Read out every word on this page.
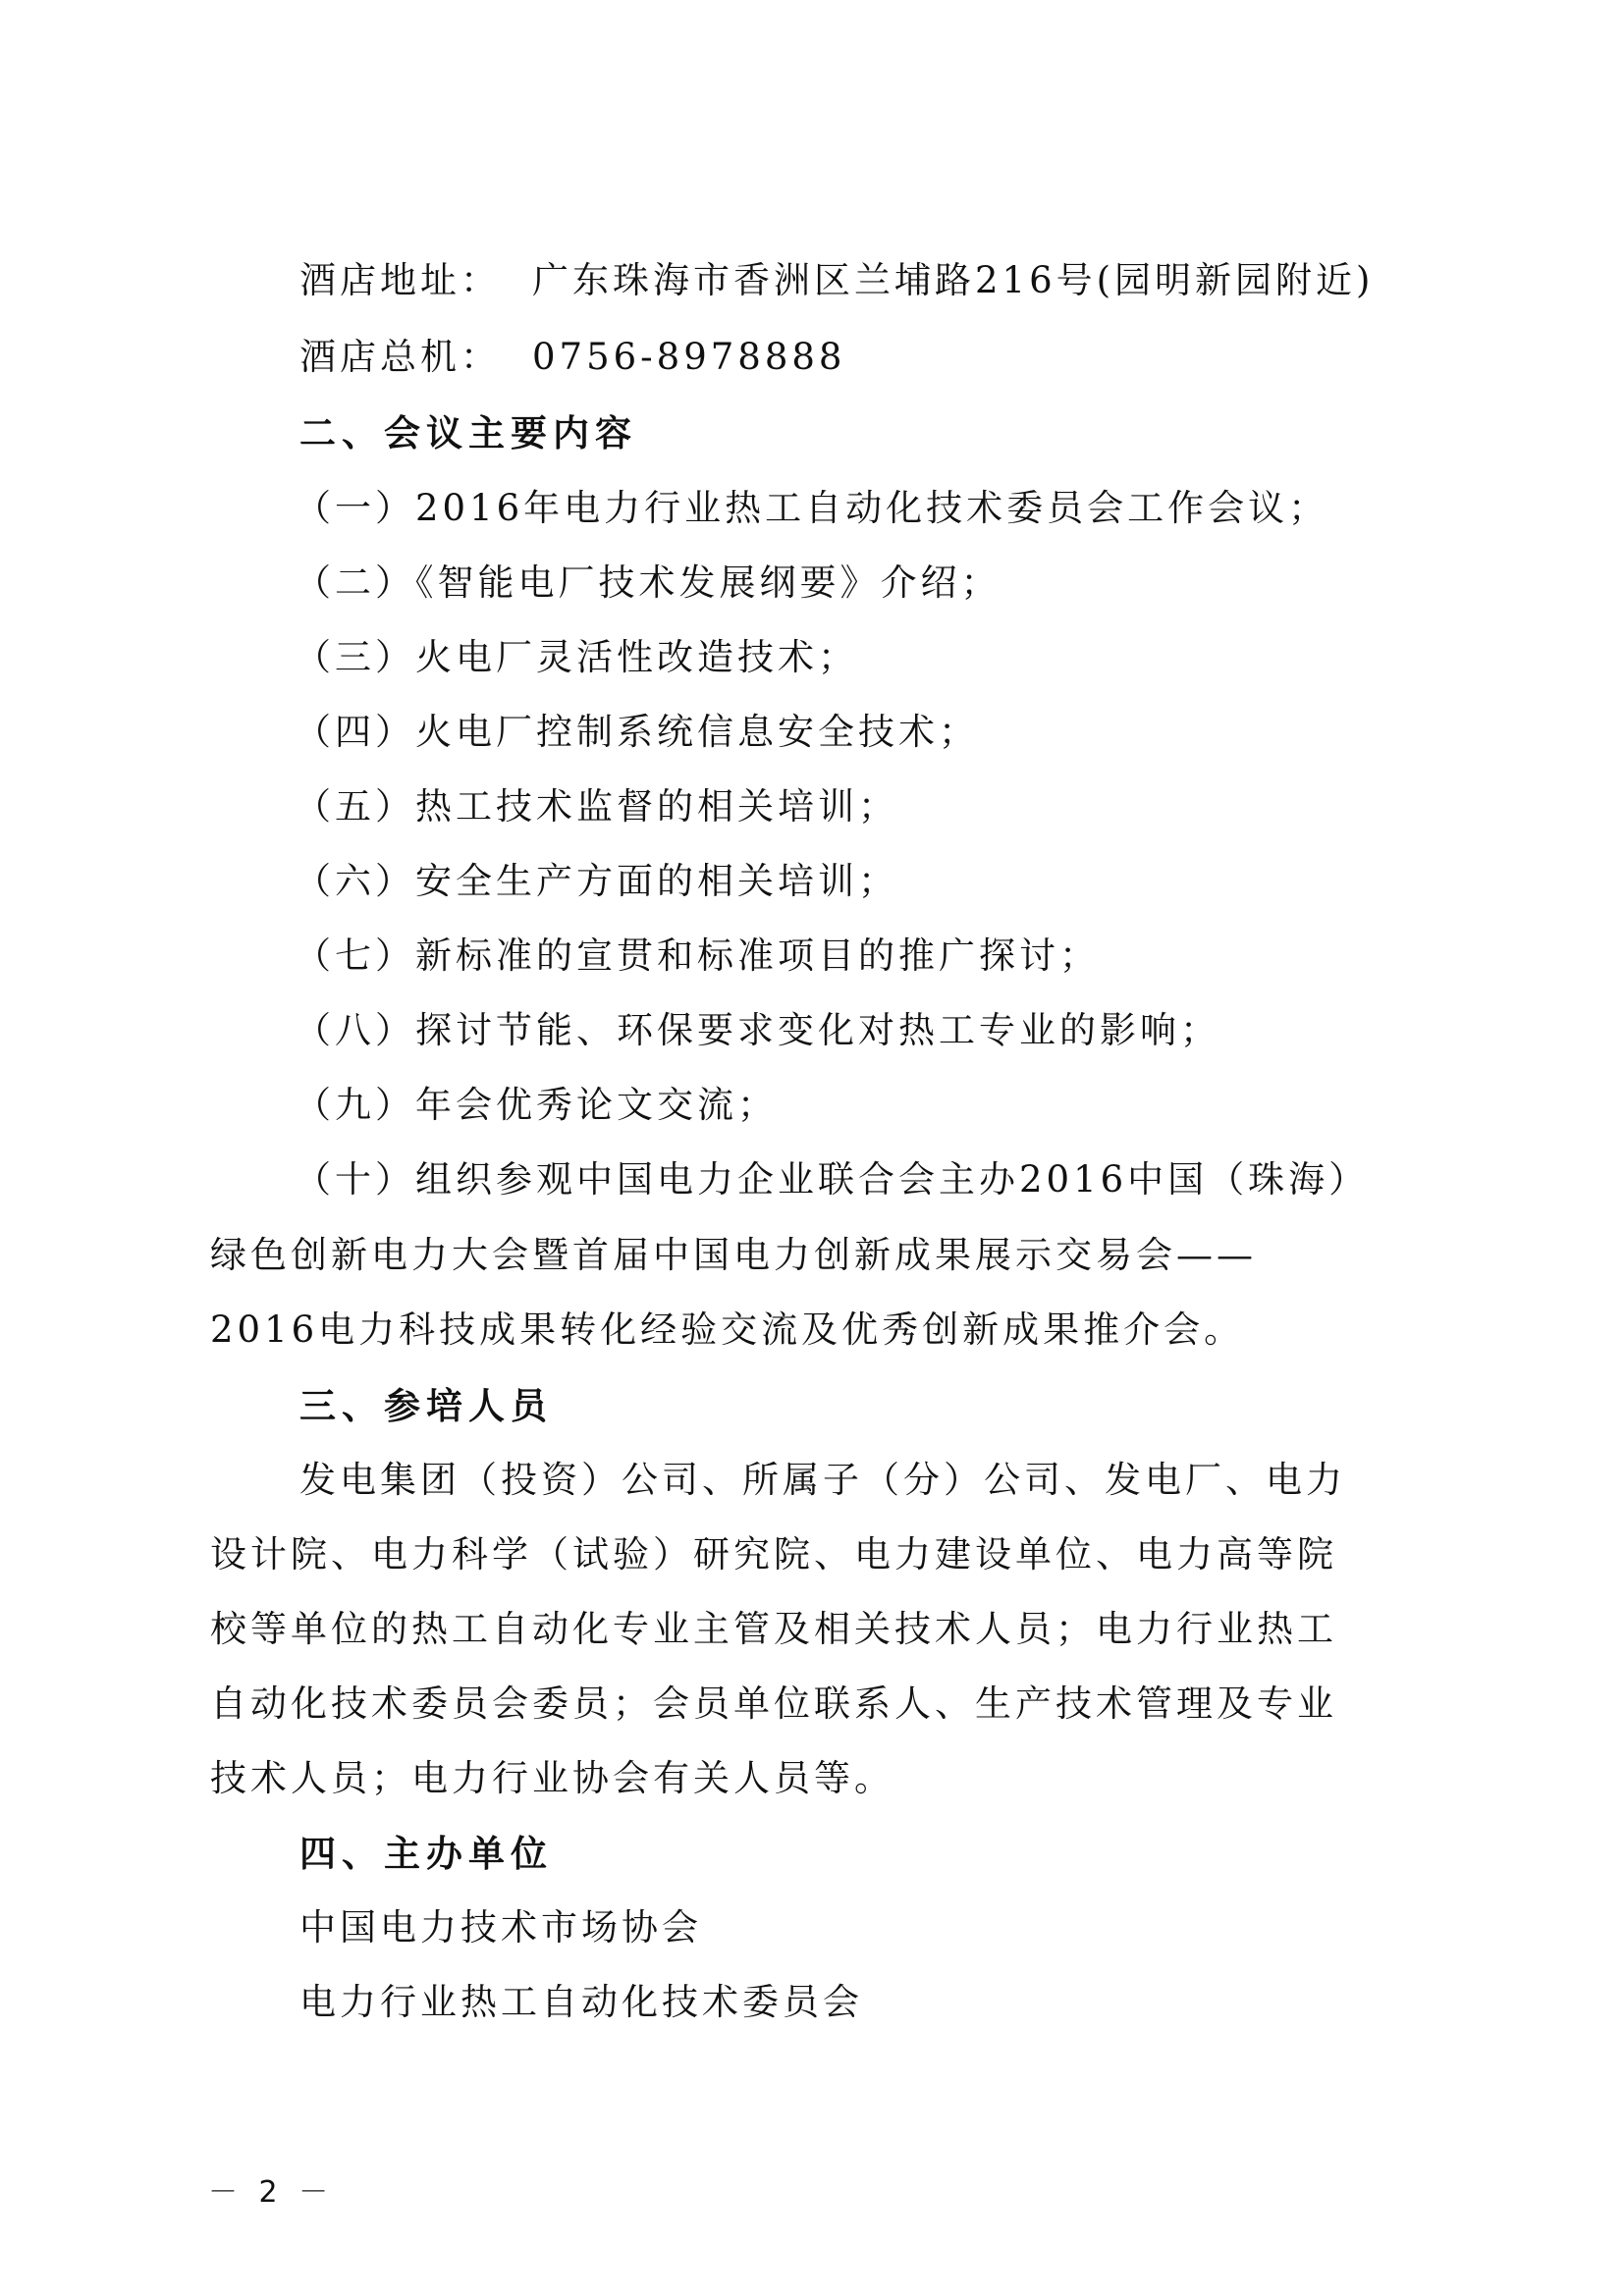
酒店地址： 广东珠海市香洲区兰埔路216号(园明新园附近)
酒店总机： 0756-8978888
二、会议主要内容
（一）2016年电力行业热工自动化技术委员会工作会议；
（二）《智能电厂技术发展纲要》介绍；
（三）火电厂灵活性改造技术；
（四）火电厂控制系统信息安全技术；
（五）热工技术监督的相关培训；
（六）安全生产方面的相关培训；
（七）新标准的宣贯和标准项目的推广探讨；
（八）探讨节能、环保要求变化对热工专业的影响；
（九）年会优秀论文交流；
（十）组织参观中国电力企业联合会主办2016中国（珠海）
绿色创新电力大会暨首届中国电力创新成果展示交易会——
2016电力科技成果转化经验交流及优秀创新成果推介会。
三、参培人员
发电集团（投资）公司、所属子（分）公司、发电厂、电力
设计院、电力科学（试验）研究院、电力建设单位、电力高等院
校等单位的热工自动化专业主管及相关技术人员；电力行业热工
自动化技术委员会委员；会员单位联系人、生产技术管理及专业
技术人员；电力行业协会有关人员等。
四、主办单位
中国电力技术市场协会
电力行业热工自动化技术委员会
－ 2 －
